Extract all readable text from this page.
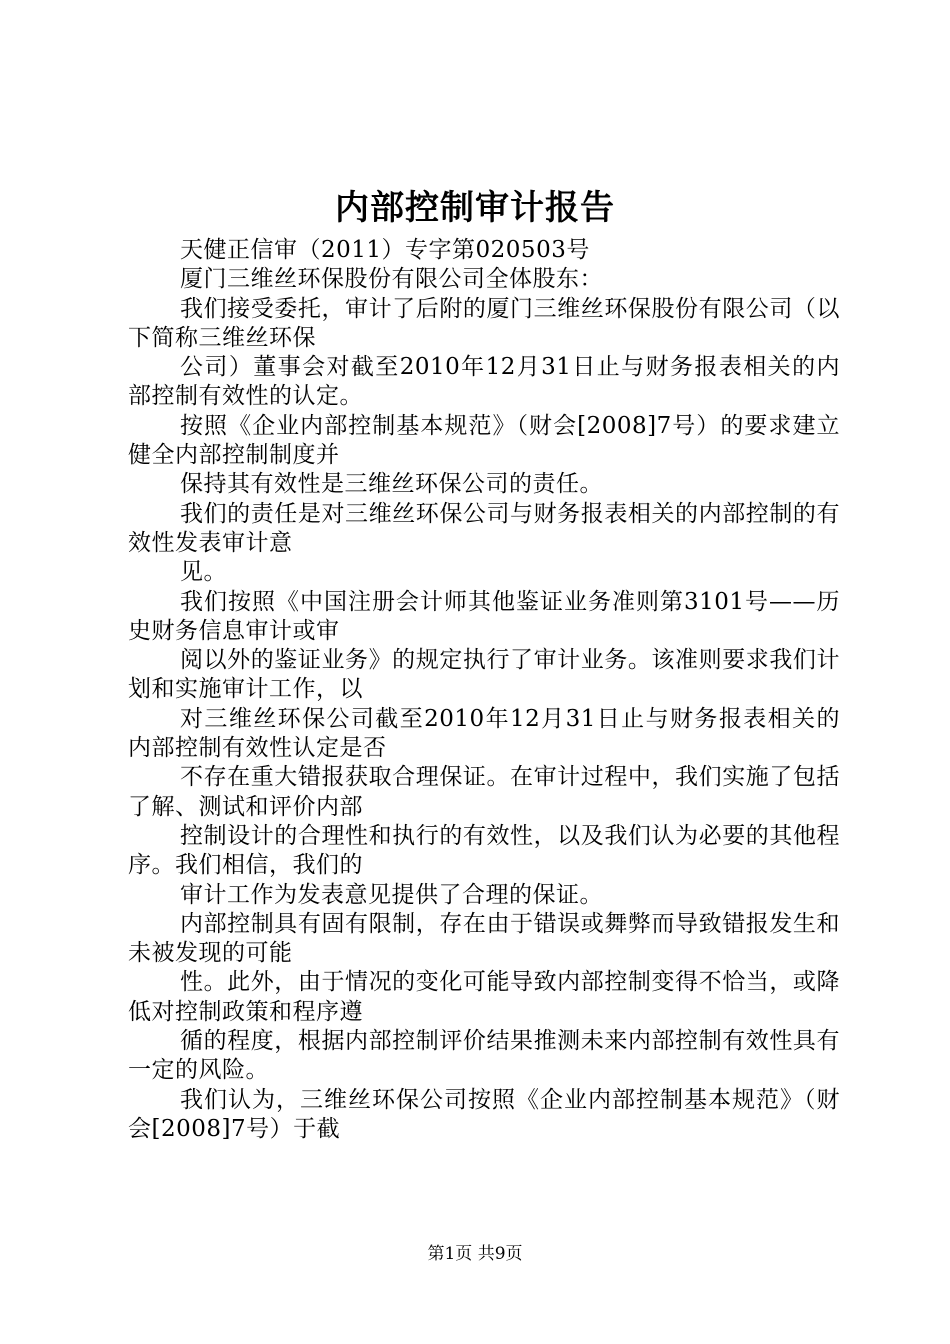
内部控制审计报告

天健正信审（2011）专字第020503号

厦门三维丝环保股份有限公司全体股东：

我们接受委托，审计了后附的厦门三维丝环保股份有限公司（以下简称三维丝环保

公司）董事会对截至2010年12月31日止与财务报表相关的内部控制有效性的认定。

按照《企业内部控制基本规范》（财会[2008]7号）的要求建立健全内部控制制度并

保持其有效性是三维丝环保公司的责任。

我们的责任是对三维丝环保公司与财务报表相关的内部控制的有效性发表审计意

见。

我们按照《中国注册会计师其他鉴证业务准则第3101号——历史财务信息审计或审

阅以外的鉴证业务》的规定执行了审计业务。该准则要求我们计划和实施审计工作，以

对三维丝环保公司截至2010年12月31日止与财务报表相关的内部控制有效性认定是否

不存在重大错报获取合理保证。在审计过程中，我们实施了包括了解、测试和评价内部

控制设计的合理性和执行的有效性，以及我们认为必要的其他程序。我们相信，我们的

审计工作为发表意见提供了合理的保证。

内部控制具有固有限制，存在由于错误或舞弊而导致错报发生和未被发现的可能

性。此外，由于情况的变化可能导致内部控制变得不恰当，或降低对控制政策和程序遵

循的程度，根据内部控制评价结果推测未来内部控制有效性具有一定的风险。

我们认为，三维丝环保公司按照《企业内部控制基本规范》（财会[2008]7号）于截

第1页 共9页
